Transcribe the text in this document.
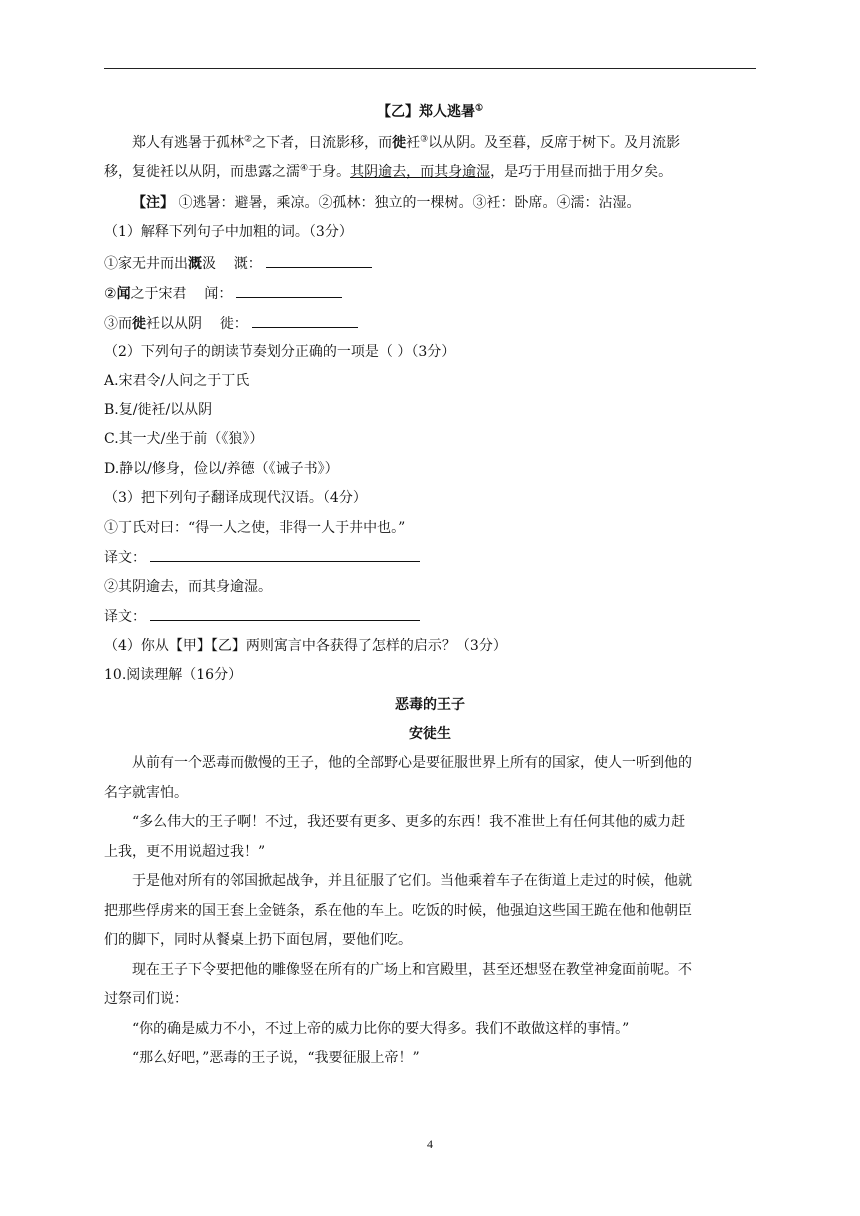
【乙】郑人逃暑①
郑人有逃暑于孤林②之下者，日流影移，而徙衽③以从阴。及至暮，反席于树下。及月流影
移，复徙衽以从阴，而患露之濡④于身。其阴逾去，而其身逾湿，是巧于用昼而拙于用夕矣。
【注】 ①逃暑：避暑，乘凉。②孤林：独立的一棵树。③衽：卧席。④濡：沾湿。
（1）解释下列句子中加粗的词。（3分）
①家无井而出溉汲 溉：
②闻之于宋君 闻：
③而徙衽以从阴 徙：
（2）下列句子的朗读节奏划分正确的一项是（ ）（3分）
A.宋君令/人问之于丁氏
B.复/徙衽/以从阴
C.其一犬/坐于前（《狼》）
D.静以/修身，俭以/养德（《诫子书》）
（3）把下列句子翻译成现代汉语。（4分）
①丁氏对曰：“得一人之使，非得一人于井中也。”
译文：
②其阴逾去，而其身逾湿。
译文：
（4）你从【甲】【乙】两则寓言中各获得了怎样的启示？（3分）
10.阅读理解（16分）
恶毒的王子
安徒生
从前有一个恶毒而傲慢的王子，他的全部野心是要征服世界上所有的国家，使人一听到他的
名字就害怕。
“多么伟大的王子啊！不过，我还要有更多、更多的东西！我不准世上有任何其他的威力赶
上我，更不用说超过我！”
于是他对所有的邻国掀起战争，并且征服了它们。当他乘着车子在街道上走过的时候，他就
把那些俘虏来的国王套上金链条，系在他的车上。吃饭的时候，他强迫这些国王跪在他和他朝臣
们的脚下，同时从餐桌上扔下面包屑，要他们吃。
现在王子下令要把他的雕像竖在所有的广场上和宫殿里，甚至还想竖在教堂神龛面前呢。不
过祭司们说：
“你的确是威力不小，不过上帝的威力比你的要大得多。我们不敢做这样的事情。”
“那么好吧，”恶毒的王子说，“我要征服上帝！”
4
